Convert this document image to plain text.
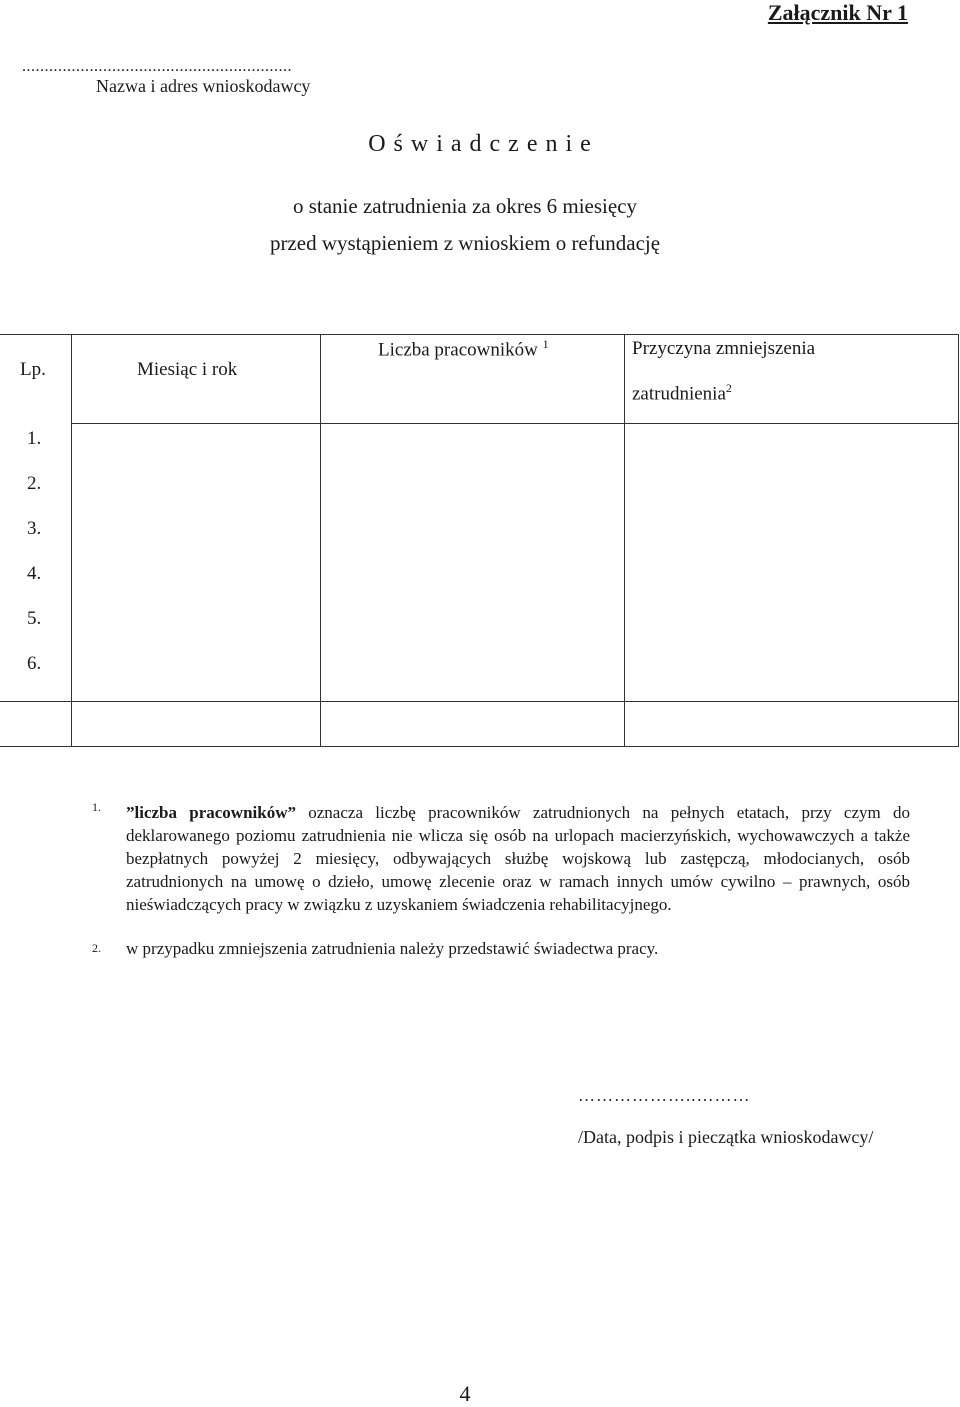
Załącznik Nr 1
............................................................
Nazwa i adres wnioskodawcy
O ś w i a d c z e n i e
o stanie zatrudnienia za okres 6 miesięcy
przed wystąpieniem z wnioskiem o refundację
Lp.	Miesiąc i rok
Liczba pracowników $^1$	Przyczyna zmniejszenia
zatrudnienia$^2$
1.
2.
3.
4.
5.
6.
1. ”liczba pracowników” oznacza liczbę pracowników zatrudnionych na pełnych etatach, przy czym do deklarowanego poziomu zatrudnienia nie wlicza się osób na urlopach macierzyńskich, wychowawczych a także bezpłatnych powyżej 2 miesięcy, odbywających służbę wojskową lub zastępczą, młodocianych, osób zatrudnionych na umowę o dzieło, umowę zlecenie oraz w ramach innych umów cywilno – prawnych, osób nieświadczących pracy w związku z uzyskaniem świadczenia rehabilitacyjnego.
2. w przypadku zmniejszenia zatrudnienia należy przedstawić świadectwa pracy.
………………..………
/Data, podpis i pieczątka wnioskodawcy/
4
